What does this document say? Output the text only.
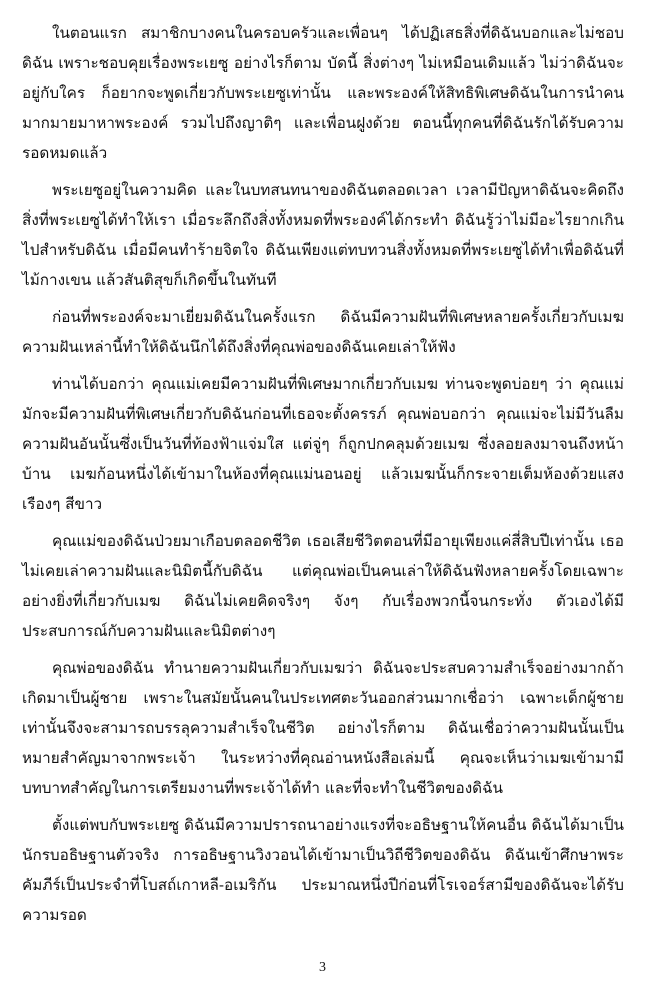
ในตอนแรก สมาชิกบางคนในครอบครัวและเพื่อนๆ ได้ปฏิเสธสิ่งที่ดิฉันบอกและไม่ชอบดิฉัน เพราะชอบคุยเรื่องพระเยซู อย่างไรก็ตาม บัดนี้ สิ่งต่างๆ ไม่เหมือนเดิมแล้ว ไม่ว่าดิฉันจะอยู่กับใคร ก็อยากจะพูดเกี่ยวกับพระเยซูเท่านั้น และพระองค์ให้สิทธิพิเศษดิฉันในการนำคนมากมายมาหาพระองค์ รวมไปถึงญาติๆ และเพื่อนฝูงด้วย ตอนนี้ทุกคนที่ดิฉันรักได้รับความรอดหมดแล้ว

พระเยซูอยู่ในความคิด และในบทสนทนาของดิฉันตลอดเวลา เวลามีปัญหาดิฉันจะคิดถึงสิ่งที่พระเยซูได้ทำให้เรา เมื่อระลึกถึงสิ่งทั้งหมดที่พระองค์ได้กระทำ ดิฉันรู้ว่าไม่มีอะไรยากเกินไปสำหรับดิฉัน เมื่อมีคนทำร้ายจิตใจ ดิฉันเพียงแต่ทบทวนสิ่งทั้งหมดที่พระเยซูได้ทำเพื่อดิฉันที่ไม้กางเขน แล้วสันติสุขก็เกิดขึ้นในทันที

ก่อนที่พระองค์จะมาเยี่ยมดิฉันในครั้งแรก ดิฉันมีความฝันที่พิเศษหลายครั้งเกี่ยวกับเมฆ ความฝันเหล่านี้ทำให้ดิฉันนึกได้ถึงสิ่งที่คุณพ่อของดิฉันเคยเล่าให้ฟัง

ท่านได้บอกว่า คุณแม่เคยมีความฝันที่พิเศษมากเกี่ยวกับเมฆ ท่านจะพูดบ่อยๆ ว่า คุณแม่มักจะมีความฝันที่พิเศษเกี่ยวกับดิฉันก่อนที่เธอจะตั้งครรภ์ คุณพ่อบอกว่า คุณแม่จะไม่มีวันลืมความฝันอันนั้นซึ่งเป็นวันที่ท้องฟ้าแจ่มใส แต่จู่ๆ ก็ถูกปกคลุมด้วยเมฆ ซึ่งลอยลงมาจนถึงหน้าบ้าน เมฆก้อนหนึ่งได้เข้ามาในห้องที่คุณแม่นอนอยู่ แล้วเมฆนั้นก็กระจายเต็มห้องด้วยแสงเรืองๆ สีขาว

คุณแม่ของดิฉันป่วยมาเกือบตลอดชีวิต เธอเสียชีวิตตอนที่มีอายุเพียงแค่สี่สิบปีเท่านั้น เธอไม่เคยเล่าความฝันและนิมิตนี้กับดิฉัน แต่คุณพ่อเป็นคนเล่าให้ดิฉันฟังหลายครั้งโดยเฉพาะอย่างยิ่งที่เกี่ยวกับเมฆ ดิฉันไม่เคยคิดจริงๆ จังๆ กับเรื่องพวกนี้จนกระทั่ง ตัวเองได้มีประสบการณ์กับความฝันและนิมิตต่างๆ

คุณพ่อของดิฉัน ทำนายความฝันเกี่ยวกับเมฆว่า ดิฉันจะประสบความสำเร็จอย่างมากถ้าเกิดมาเป็นผู้ชาย เพราะในสมัยนั้นคนในประเทศตะวันออกส่วนมากเชื่อว่า เฉพาะเด็กผู้ชายเท่านั้นจึงจะสามารถบรรลุความสำเร็จในชีวิต อย่างไรก็ตาม ดิฉันเชื่อว่าความฝันนั้นเป็นหมายสำคัญมาจากพระเจ้า ในระหว่างที่คุณอ่านหนังสือเล่มนี้ คุณจะเห็นว่าเมฆเข้ามามีบทบาทสำคัญในการเตรียมงานที่พระเจ้าได้ทำ และที่จะทำในชีวิตของดิฉัน

ตั้งแต่พบกับพระเยซู ดิฉันมีความปรารถนาอย่างแรงที่จะอธิษฐานให้คนอื่น ดิฉันได้มาเป็นนักรบอธิษฐานตัวจริง การอธิษฐานวิงวอนได้เข้ามาเป็นวิถีชีวิตของดิฉัน ดิฉันเข้าศึกษาพระคัมภีร์เป็นประจำที่โบสถ์เกาหลี-อเมริกัน ประมาณหนึ่งปีก่อนที่โรเจอร์สามีของดิฉันจะได้รับความรอด

3
